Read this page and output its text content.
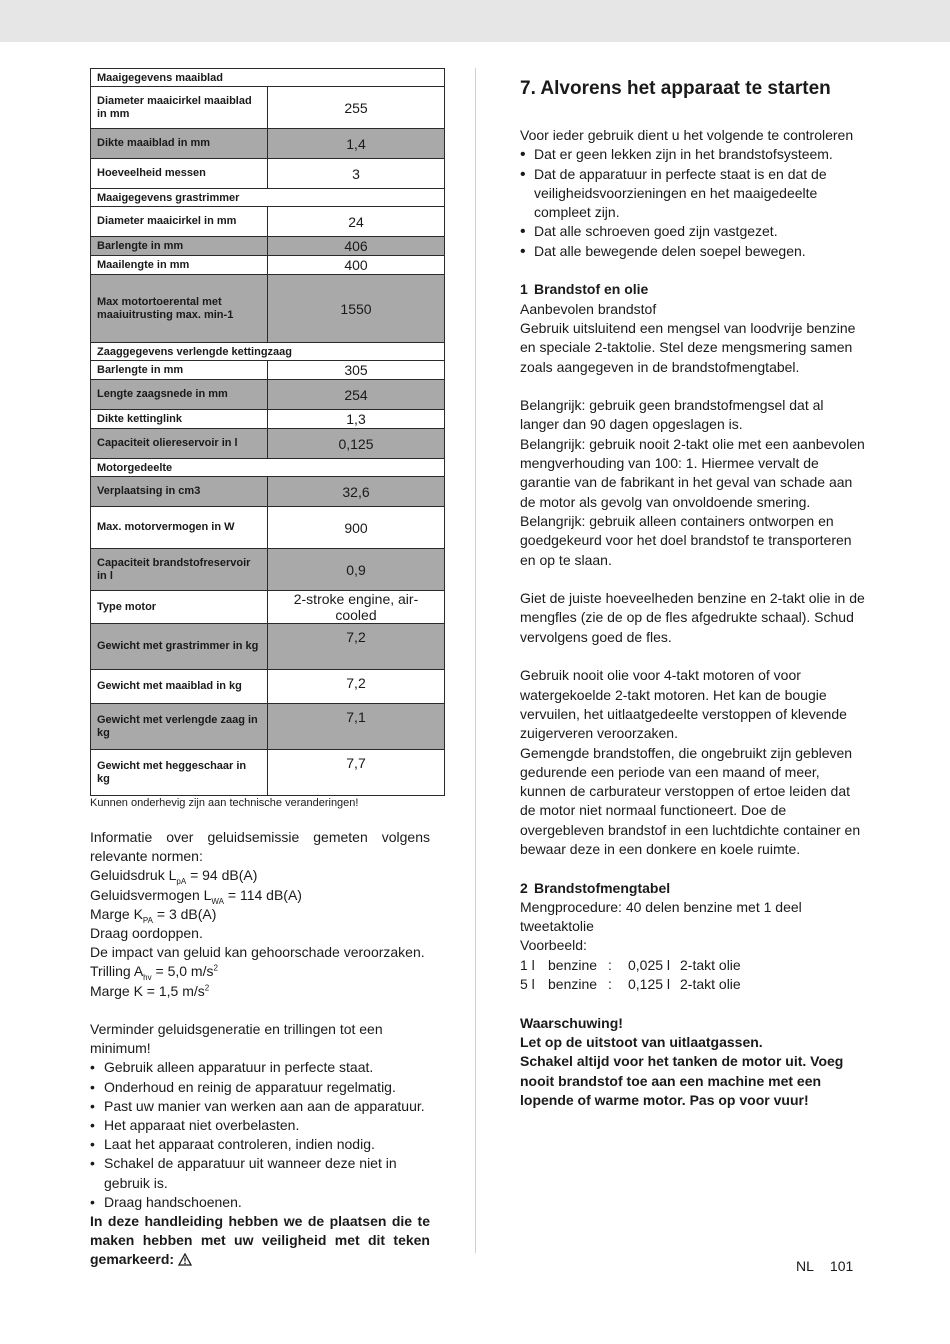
Maaigegevens maaiblad	
Diameter maaicirkel maaiblad in mm	255
Dikte maaiblad in mm	1,4
Hoeveelheid messen	3
Maaigegevens grastrimmer	
Diameter maaicirkel in mm	24
Barlengte in mm	406
Maailengte in mm	400
Max motortoerental met maaiuitrusting max. min-1	1550
Zaaggegevens verlengde kettingzaag	
Barlengte in mm	305
Lengte zaagsnede in mm	254
Dikte kettinglink	1,3
Capaciteit oliereservoir in l	0,125
Motorgedeelte	
Verplaatsing in cm3	32,6
Max. motorvermogen in W	900
Capaciteit brandstofreservoir in l	0,9
Type motor	2-stroke engine, air-cooled
Gewicht met grastrimmer in kg	7,2
Gewicht met maaiblad in kg	7,2
Gewicht met verlengde zaag in kg	7,1
Gewicht met heggeschaar in kg	7,7
Kunnen onderhevig zijn aan technische veranderingen!

Informatie over geluidsemissie gemeten volgens

relevante normen:

Geluidsdruk $L_{pA} = 94$ dB(A)

Geluidsvermogen $L_{WA} = 114$ dB(A)

Marge $K_{PA} = 3$ dB(A)

Draag oordoppen.

De impact van geluid kan gehoorschade veroorzaken.

Trilling $A_{hv} = 5,0$ $m/s^2$

Marge K = 1,5 $m/s^2$

Verminder geluidsgeneratie en trillingen tot een minimum!

• Gebruik alleen apparatuur in perfecte staat.
• Onderhoud en reinig de apparatuur regelmatig.
• Past uw manier van werken aan aan de apparatuur.
• Het apparaat niet overbelasten.
• Laat het apparaat controleren, indien nodig.
• Schakel de apparatuur uit wanneer deze niet in gebruik is.
• Draag handschoenen.

In deze handleiding hebben we de plaatsen die te maken hebben met uw veiligheid met dit teken gemarkeerd:

7. Alvorens het apparaat te starten

Voor ieder gebruik dient u het volgende te controleren

• Dat er geen lekken zijn in het brandstofsysteem.
• Dat de apparatuur in perfecte staat is en dat de veiligheidsvoorzieningen en het maaigedeelte compleet zijn.
• Dat alle schroeven goed zijn vastgezet.
• Dat alle bewegende delen soepel bewegen.
1 Brandstof en olie

Aanbevolen brandstof

Gebruik uitsluitend een mengsel van loodvrije benzine en speciale 2-taktolie. Stel deze mengsmering samen zoals aangegeven in de brandstofmengtabel.

Belangrijk: gebruik geen brandstofmengsel dat al langer dan 90 dagen opgeslagen is.

Belangrijk: gebruik nooit 2-takt olie met een aanbevolen mengverhouding van 100: 1. Hiermee vervalt de garantie van de fabrikant in het geval van schade aan de motor als gevolg van onvoldoende smering.

Belangrijk: gebruik alleen containers ontworpen en goedgekeurd voor het doel brandstof te transporteren en op te slaan.

Giet de juiste hoeveelheden benzine en 2-takt olie in de mengfles (zie de op de fles afgedrukte schaal). Schud vervolgens goed de fles.

Gebruik nooit olie voor 4-takt motoren of voor watergekoelde 2-takt motoren. Het kan de bougie vervuilen, het uitlaatgedeelte verstoppen of klevende zuigerveren veroorzaken.

Gemengde brandstoffen, die ongebruikt zijn gebleven gedurende een periode van een maand of meer, kunnen de carburateur verstoppen of ertoe leiden dat de motor niet normaal functioneert. Doe de overgebleven brandstof in een luchtdichte container en bewaar deze in een donkere en koele ruimte.

2 Brandstofmengtabel

Mengprocedure: 40 delen benzine met 1 deel tweetaktolie

Voorbeeld:

1 l benzine :	0,025 l 2-takt olie
5 l benzine :	0,125 l 2-takt olie

Waarschuwing!

Let op de uitstoot van uitlaatgassen.

Schakel altijd voor het tanken de motor uit. Voeg nooit brandstof toe aan een machine met een lopende of warme motor. Pas op voor vuur!

NL 101
